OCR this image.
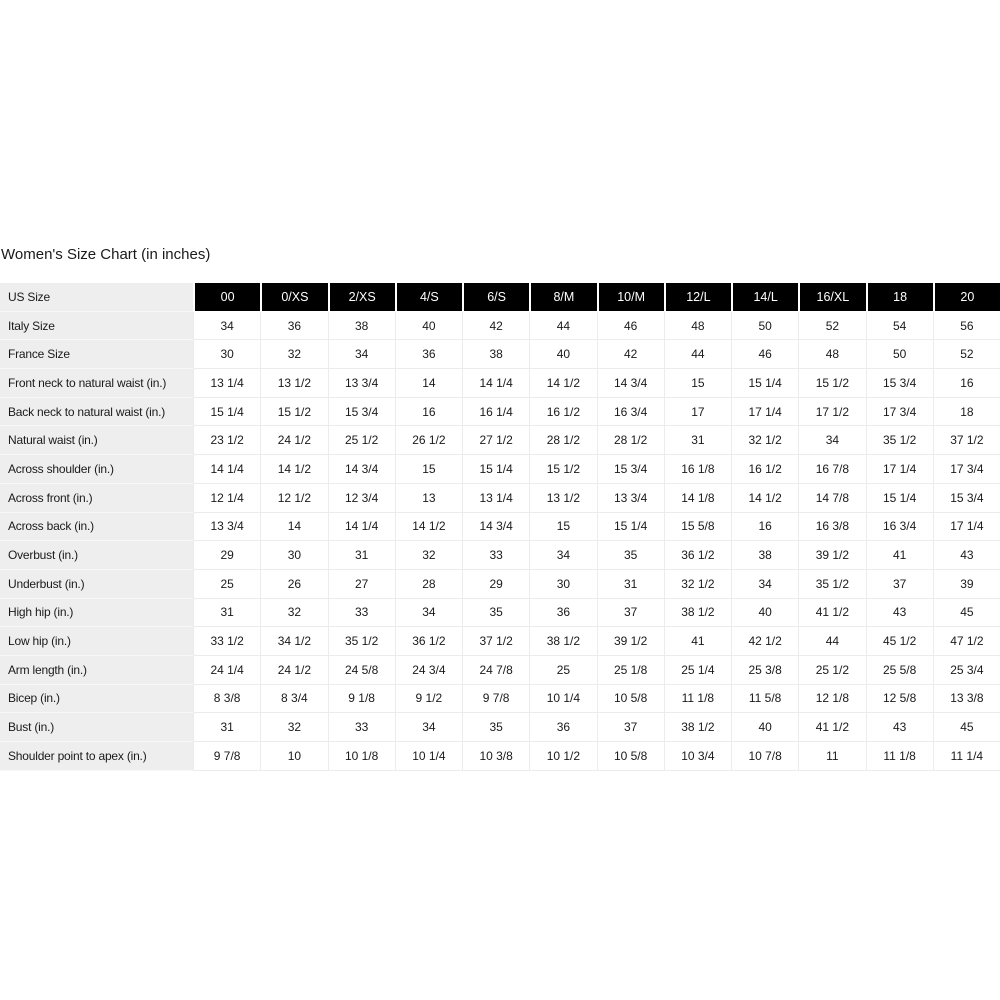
Women's Size Chart (in inches)
US Size	00	0/XS	2/XS	4/S	6/S	8/M	10/M	12/L	14/L	16/XL	18	20
Italy Size	34	36	38	40	42	44	46	48	50	52	54	56
France Size	30	32	34	36	38	40	42	44	46	48	50	52
Front neck to natural waist (in.)	13 1/4	13 1/2	13 3/4	14	14 1/4	14 1/2	14 3/4	15	15 1/4	15 1/2	15 3/4	16
Back neck to natural waist (in.)	15 1/4	15 1/2	15 3/4	16	16 1/4	16 1/2	16 3/4	17	17 1/4	17 1/2	17 3/4	18
Natural waist (in.)	23 1/2	24 1/2	25 1/2	26 1/2	27 1/2	28 1/2	28 1/2	31	32 1/2	34	35 1/2	37 1/2
Across shoulder (in.)	14 1/4	14 1/2	14 3/4	15	15 1/4	15 1/2	15 3/4	16 1/8	16 1/2	16 7/8	17 1/4	17 3/4
Across front (in.)	12 1/4	12 1/2	12 3/4	13	13 1/4	13 1/2	13 3/4	14 1/8	14 1/2	14 7/8	15 1/4	15 3/4
Across back (in.)	13 3/4	14	14 1/4	14 1/2	14 3/4	15	15 1/4	15 5/8	16	16 3/8	16 3/4	17 1/4
Overbust (in.)	29	30	31	32	33	34	35	36 1/2	38	39 1/2	41	43
Underbust (in.)	25	26	27	28	29	30	31	32 1/2	34	35 1/2	37	39
High hip (in.)	31	32	33	34	35	36	37	38 1/2	40	41 1/2	43	45
Low hip (in.)	33 1/2	34 1/2	35 1/2	36 1/2	37 1/2	38 1/2	39 1/2	41	42 1/2	44	45 1/2	47 1/2
Arm length (in.)	24 1/4	24 1/2	24 5/8	24 3/4	24 7/8	25	25 1/8	25 1/4	25 3/8	25 1/2	25 5/8	25 3/4
Bicep (in.)	8 3/8	8 3/4	9 1/8	9 1/2	9 7/8	10 1/4	10 5/8	11 1/8	11 5/8	12 1/8	12 5/8	13 3/8
Bust (in.)	31	32	33	34	35	36	37	38 1/2	40	41 1/2	43	45
Shoulder point to apex (in.)	9 7/8	10	10 1/8	10 1/4	10 3/8	10 1/2	10 5/8	10 3/4	10 7/8	11	11 1/8	11 1/4
